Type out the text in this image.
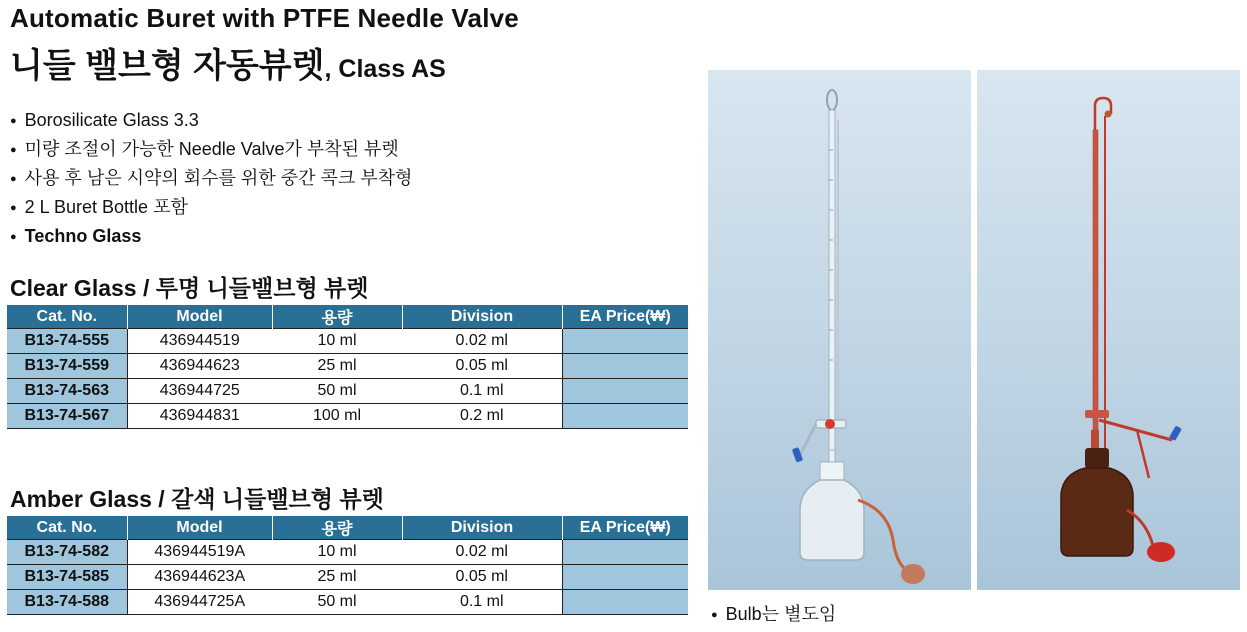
Automatic Buret with PTFE Needle Valve
니들 밸브형 자동뷰렛, Class AS
● Borosilicate Glass 3.3
● 미량 조절이 가능한 Needle Valve가 부착된 뷰렛
● 사용 후 남은 시약의 회수를 위한 중간 콕크 부착형
● 2 L Buret Bottle 포함
● Techno Glass
Clear Glass / 투명 니들밸브형 뷰렛
Cat. No.	Model	용량	Division	EA Price(₩)
B13-74-555	436944519	10 ml	0.02 ml	
B13-74-559	436944623	25 ml	0.05 ml	
B13-74-563	436944725	50 ml	0.1 ml	
B13-74-567	436944831	100 ml	0.2 ml	
Amber Glass / 갈색 니들밸브형 뷰렛
Cat. No.	Model	용량	Division	EA Price(₩)
B13-74-582	436944519A	10 ml	0.02 ml	
B13-74-585	436944623A	25 ml	0.05 ml	
B13-74-588	436944725A	50 ml	0.1 ml	
● Bulb는 별도임
